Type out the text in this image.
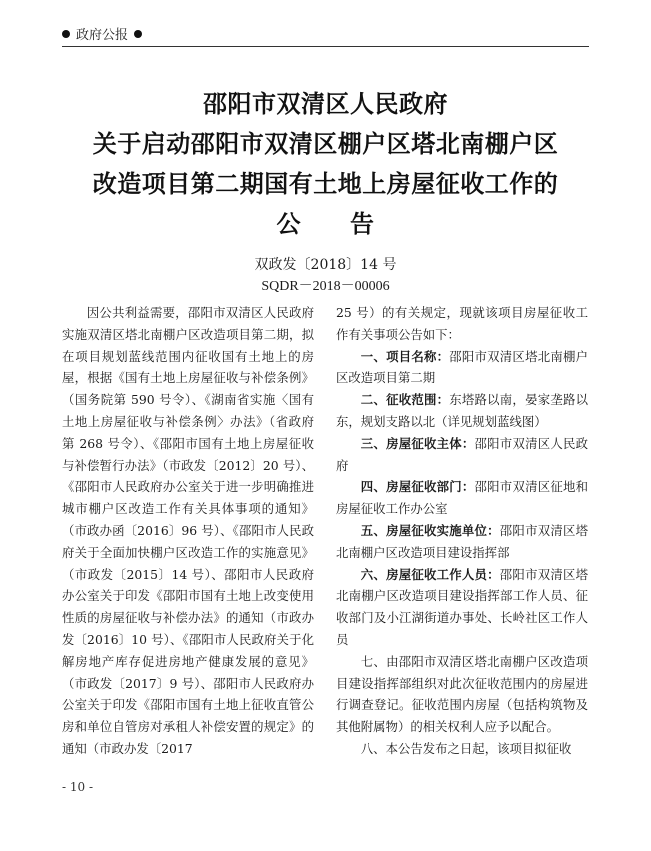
政府公报
邵阳市双清区人民政府
关于启动邵阳市双清区棚户区塔北南棚户区
改造项目第二期国有土地上房屋征收工作的
公　　告
双政发〔2018〕14 号
SQDR－2018－00006

因公共利益需要，邵阳市双清区人民政府实施双清区塔北南棚户区改造项目第二期，拟在项目规划蓝线范围内征收国有土地上的房屋，根据《国有土地上房屋征收与补偿条例》（国务院第 590 号令）、《湖南省实施〈国有土地上房屋征收与补偿条例〉办法》（省政府第 268 号令）、《邵阳市国有土地上房屋征收与补偿暂行办法》（市政发〔2012〕20 号）、《邵阳市人民政府办公室关于进一步明确推进城市棚户区改造工作有关具体事项的通知》（市政办函〔2016〕96 号）、《邵阳市人民政府关于全面加快棚户区改造工作的实施意见》（市政发〔2015〕14 号）、邵阳市人民政府办公室关于印发《邵阳市国有土地上改变使用性质的房屋征收与补偿办法》的通知（市政办发〔2016〕10 号）、《邵阳市人民政府关于化解房地产库存促进房地产健康发展的意见》（市政发〔2017〕9 号）、邵阳市人民政府办公室关于印发《邵阳市国有土地上征收直管公房和单位自管房对承租人补偿安置的规定》的通知（市政办发〔2017

25 号）的有关规定，现就该项目房屋征收工作有关事项公告如下：

一、项目名称：邵阳市双清区塔北南棚户区改造项目第二期

二、征收范围：东塔路以南，晏家垄路以东，规划支路以北（详见规划蓝线图）

三、房屋征收主体：邵阳市双清区人民政府

四、房屋征收部门：邵阳市双清区征地和房屋征收工作办公室

五、房屋征收实施单位：邵阳市双清区塔北南棚户区改造项目建设指挥部

六、房屋征收工作人员：邵阳市双清区塔北南棚户区改造项目建设指挥部工作人员、征收部门及小江湖街道办事处、长岭社区工作人员

七、由邵阳市双清区塔北南棚户区改造项目建设指挥部组织对此次征收范围内的房屋进行调查登记。征收范围内房屋（包括构筑物及其他附属物）的相关权利人应予以配合。

八、本公告发布之日起，该项目拟征收

- 10 -
